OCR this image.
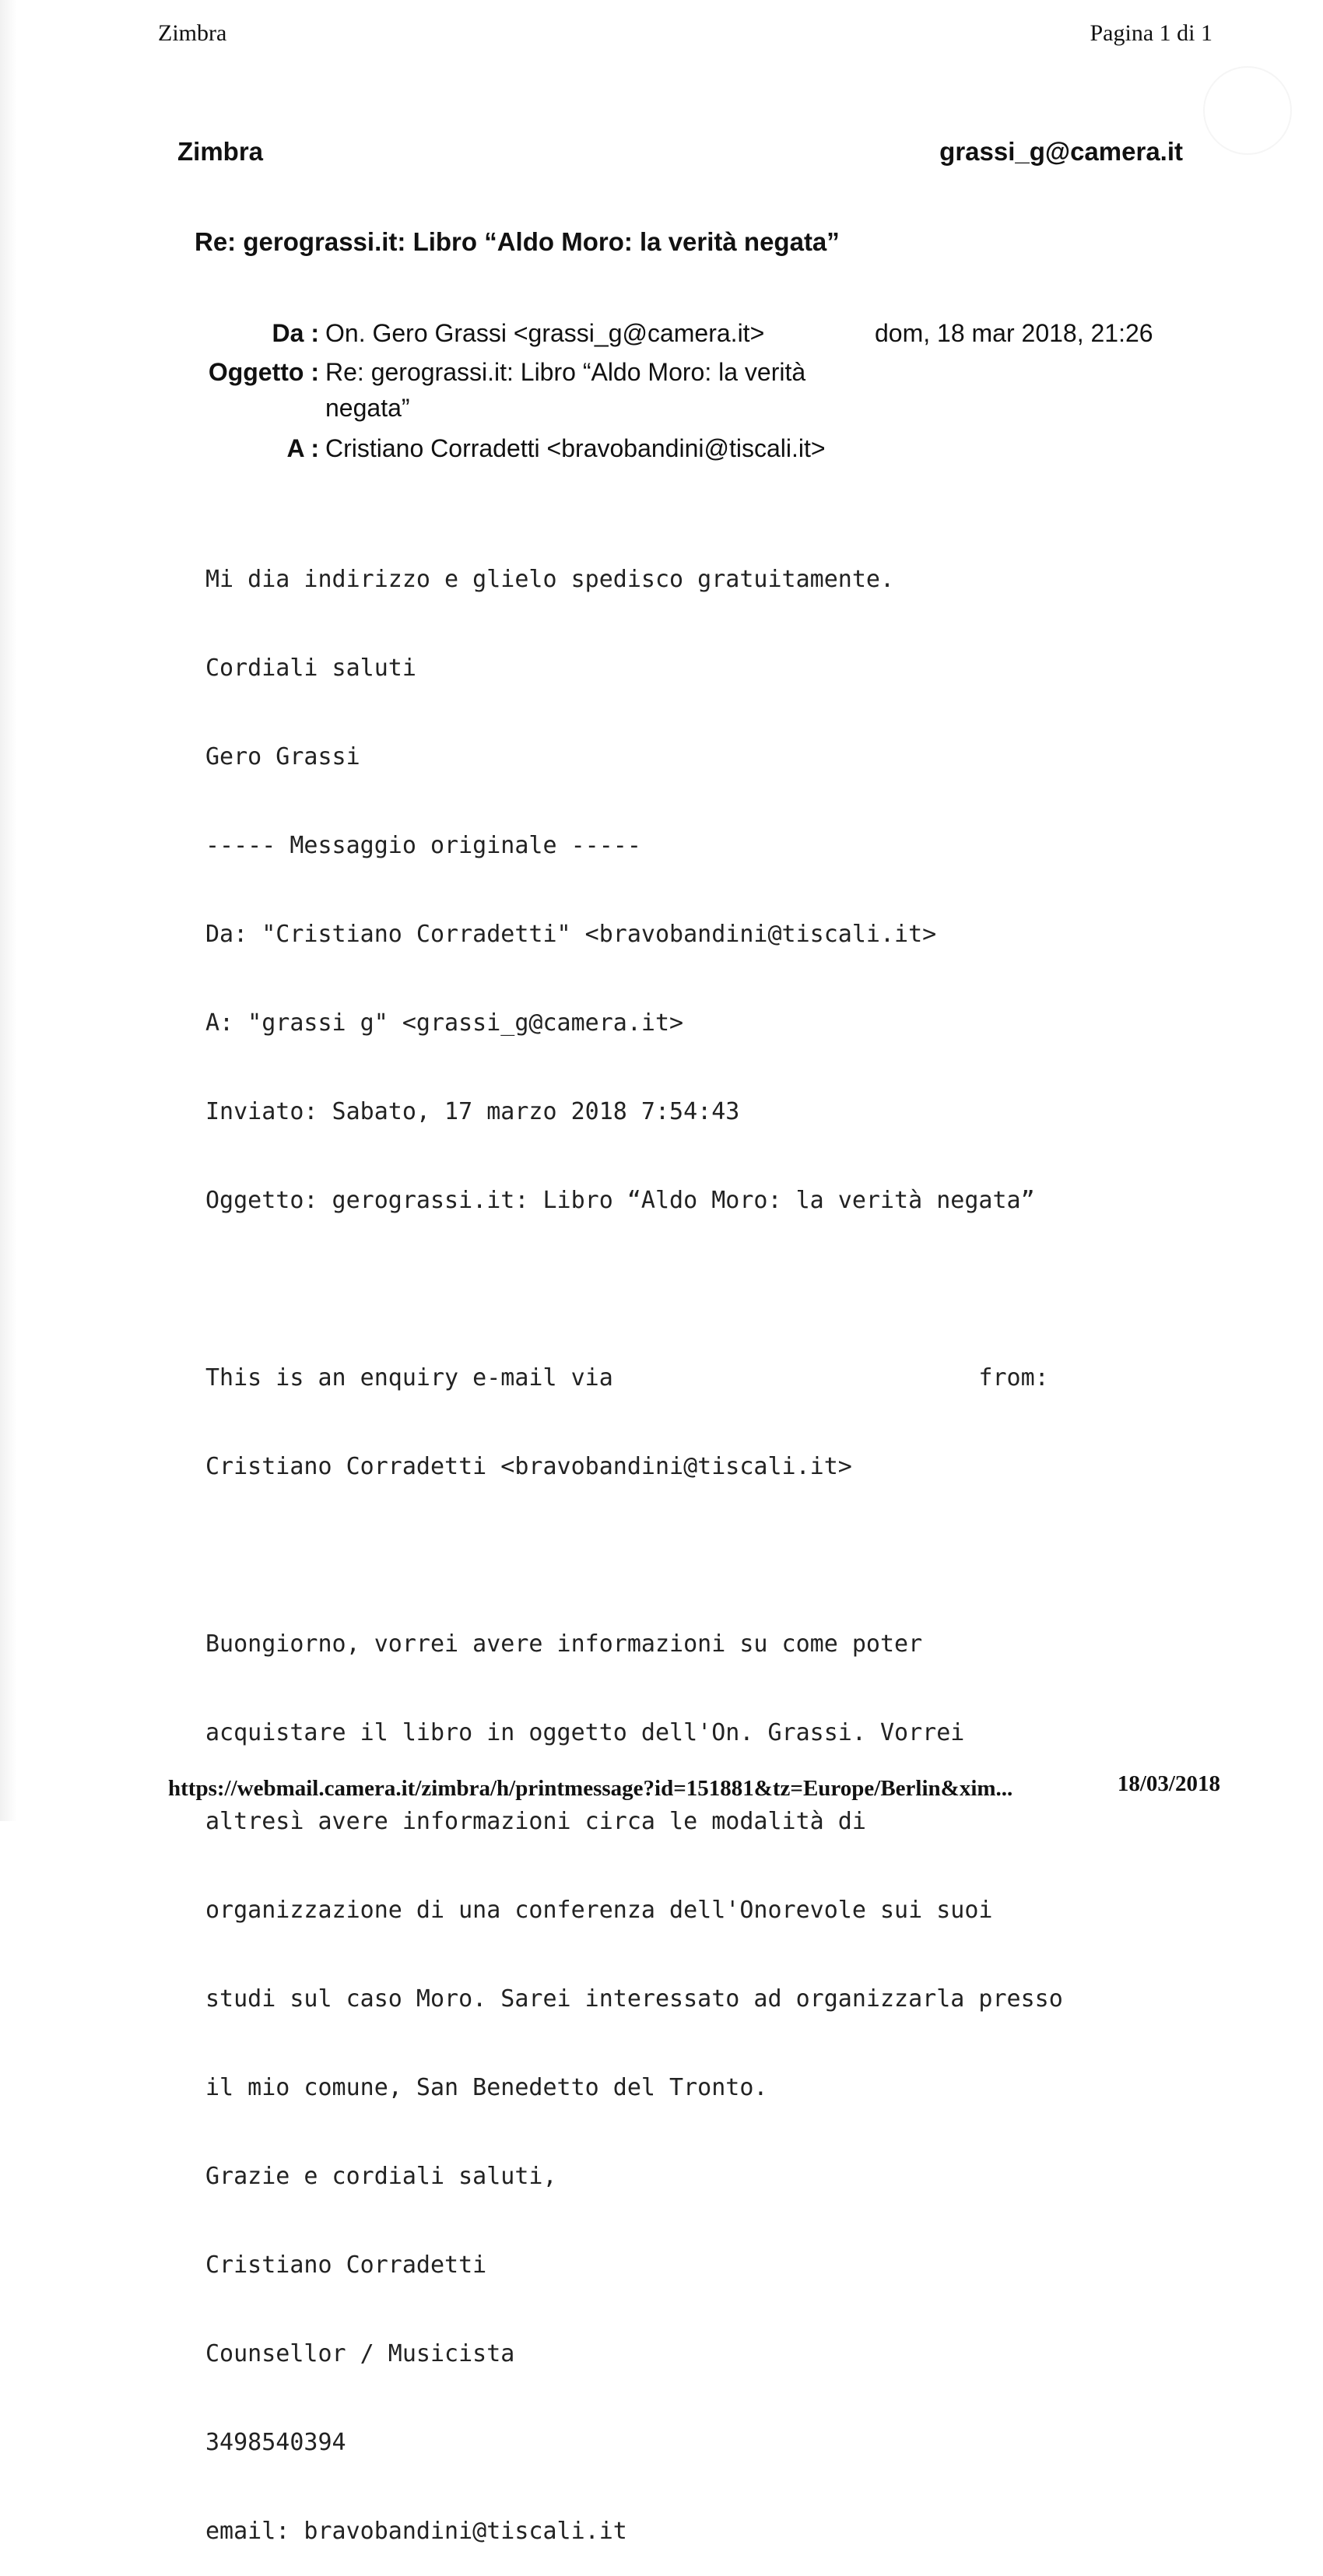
Zimbra	Pagina 1 di 1
Zimbra	grassi_g@camera.it
Re: gerograssi.it: Libro “Aldo Moro: la verità negata”
Da : On. Gero Grassi <grassi_g@camera.it>	dom, 18 mar 2018, 21:26
Oggetto : Re: gerograssi.it: Libro “Aldo Moro: la verità
negata”
A : Cristiano Corradetti <bravobandini@tiscali.it>

Mi dia indirizzo e glielo spedisco gratuitamente.

Cordiali saluti

Gero Grassi

----- Messaggio originale -----

Da: "Cristiano Corradetti" <bravobandini@tiscali.it>

A: "grassi g" <grassi_g@camera.it>

Inviato: Sabato, 17 marzo 2018 7:54:43

Oggetto: gerograssi.it: Libro “Aldo Moro: la verità negata”

This is an enquiry e-mail via                          from:

Cristiano Corradetti <bravobandini@tiscali.it>

Buongiorno, vorrei avere informazioni su come poter

acquistare il libro in oggetto dell'On. Grassi. Vorrei

altresì avere informazioni circa le modalità di

organizzazione di una conferenza dell'Onorevole sui suoi

studi sul caso Moro. Sarei interessato ad organizzarla presso

il mio comune, San Benedetto del Tronto.

Grazie e cordiali saluti,

Cristiano Corradetti

Counsellor / Musicista

3498540394

email: bravobandini@tiscali.it

https://webmail.camera.it/zimbra/h/printmessage?id=151881&tz=Europe/Berlin&xim...	18/03/2018
